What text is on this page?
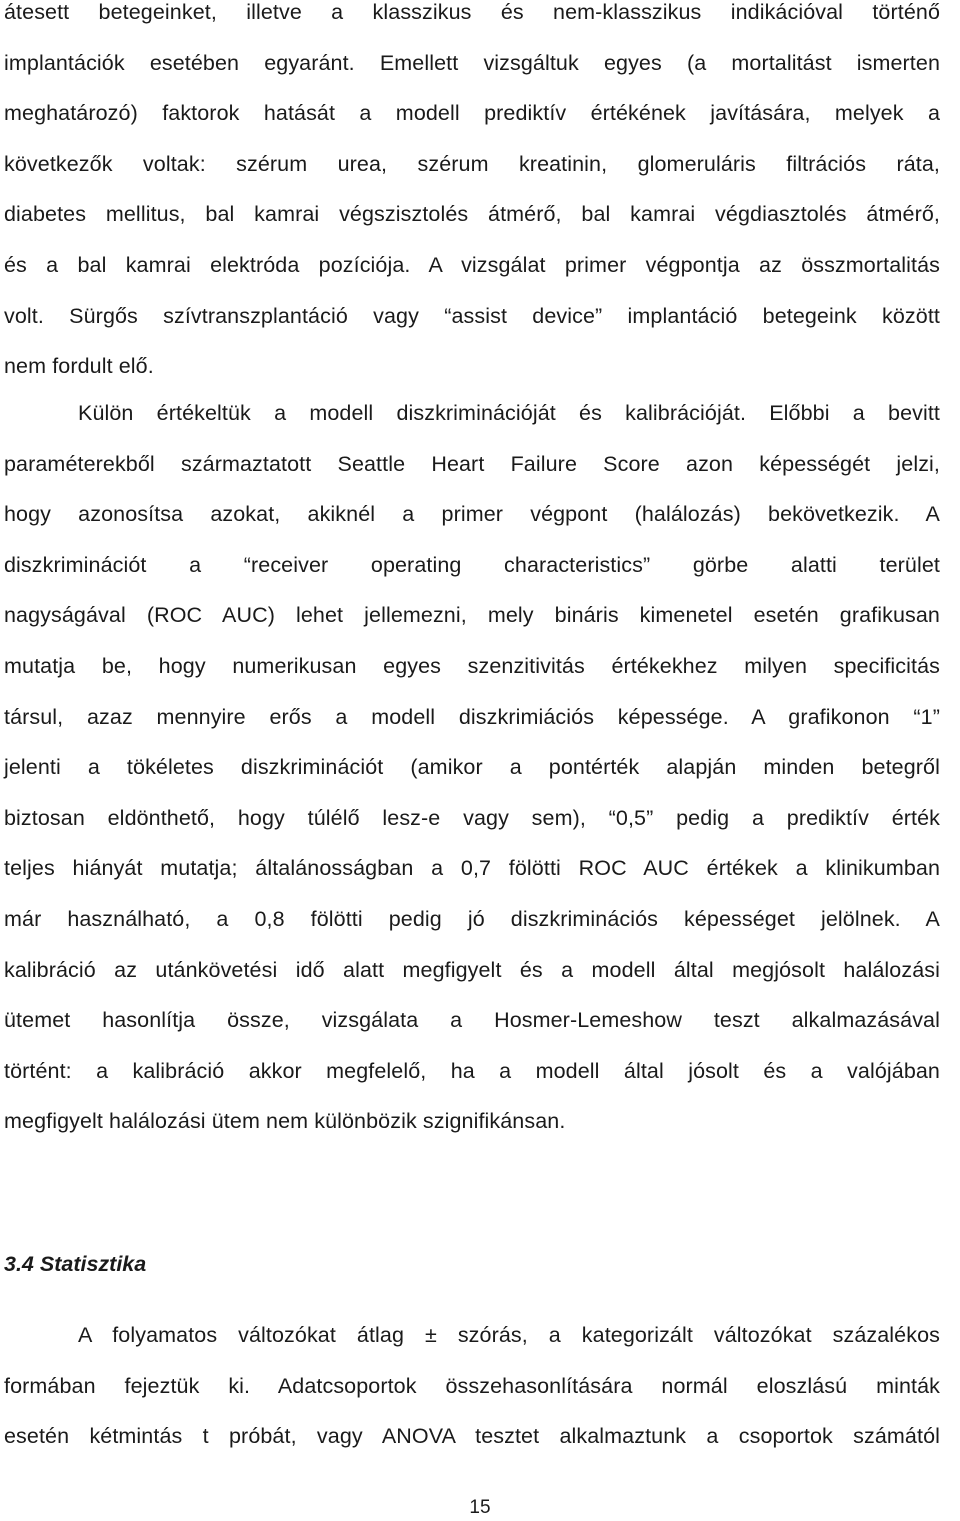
átesett betegeinket, illetve a klasszikus és nem-klasszikus indikációval történő
implantációk esetében egyaránt. Emellett vizsgáltuk egyes (a mortalitást ismerten
meghatározó) faktorok hatását a modell prediktív értékének javítására, melyek a
következők voltak: szérum urea, szérum kreatinin, glomeruláris filtrációs ráta,
diabetes mellitus, bal kamrai végszisztolés átmérő, bal kamrai végdiasztolés átmérő,
és a bal kamrai elektróda pozíciója. A vizsgálat primer végpontja az összmortalitás
volt. Sürgős szívtranszplantáció vagy “assist device” implantáció betegeink között
nem fordult elő.
Külön értékeltük a modell diszkriminációját és kalibrációját. Előbbi a bevitt
paraméterekből származtatott Seattle Heart Failure Score azon képességét jelzi,
hogy azonosítsa azokat, akiknél a primer végpont (halálozás) bekövetkezik. A
diszkriminációt a “receiver operating characteristics” görbe alatti terület
nagyságával (ROC AUC) lehet jellemezni, mely bináris kimenetel esetén grafikusan
mutatja be, hogy numerikusan egyes szenzitivitás értékekhez milyen specificitás
társul, azaz mennyire erős a modell diszkrimiációs képessége. A grafikonon “1”
jelenti a tökéletes diszkriminációt (amikor a pontérték alapján minden betegről
biztosan eldönthető, hogy túlélő lesz-e vagy sem), “0,5” pedig a prediktív érték
teljes hiányát mutatja; általánosságban a 0,7 fölötti ROC AUC értékek a klinikumban
már használható, a 0,8 fölötti pedig jó diszkriminációs képességet jelölnek. A
kalibráció az utánkövetési idő alatt megfigyelt és a modell által megjósolt halálozási
ütemet hasonlítja össze, vizsgálata a Hosmer-Lemeshow teszt alkalmazásával
történt: a kalibráció akkor megfelelő, ha a modell által jósolt és a valójában
megfigyelt halálozási ütem nem különbözik szignifikánsan.
3.4 Statisztika
A folyamatos változókat átlag ± szórás, a kategorizált változókat százalékos
formában fejeztük ki. Adatcsoportok összehasonlítására normál eloszlású minták
esetén kétmintás t próbát, vagy ANOVA tesztet alkalmaztunk a csoportok számától
15
